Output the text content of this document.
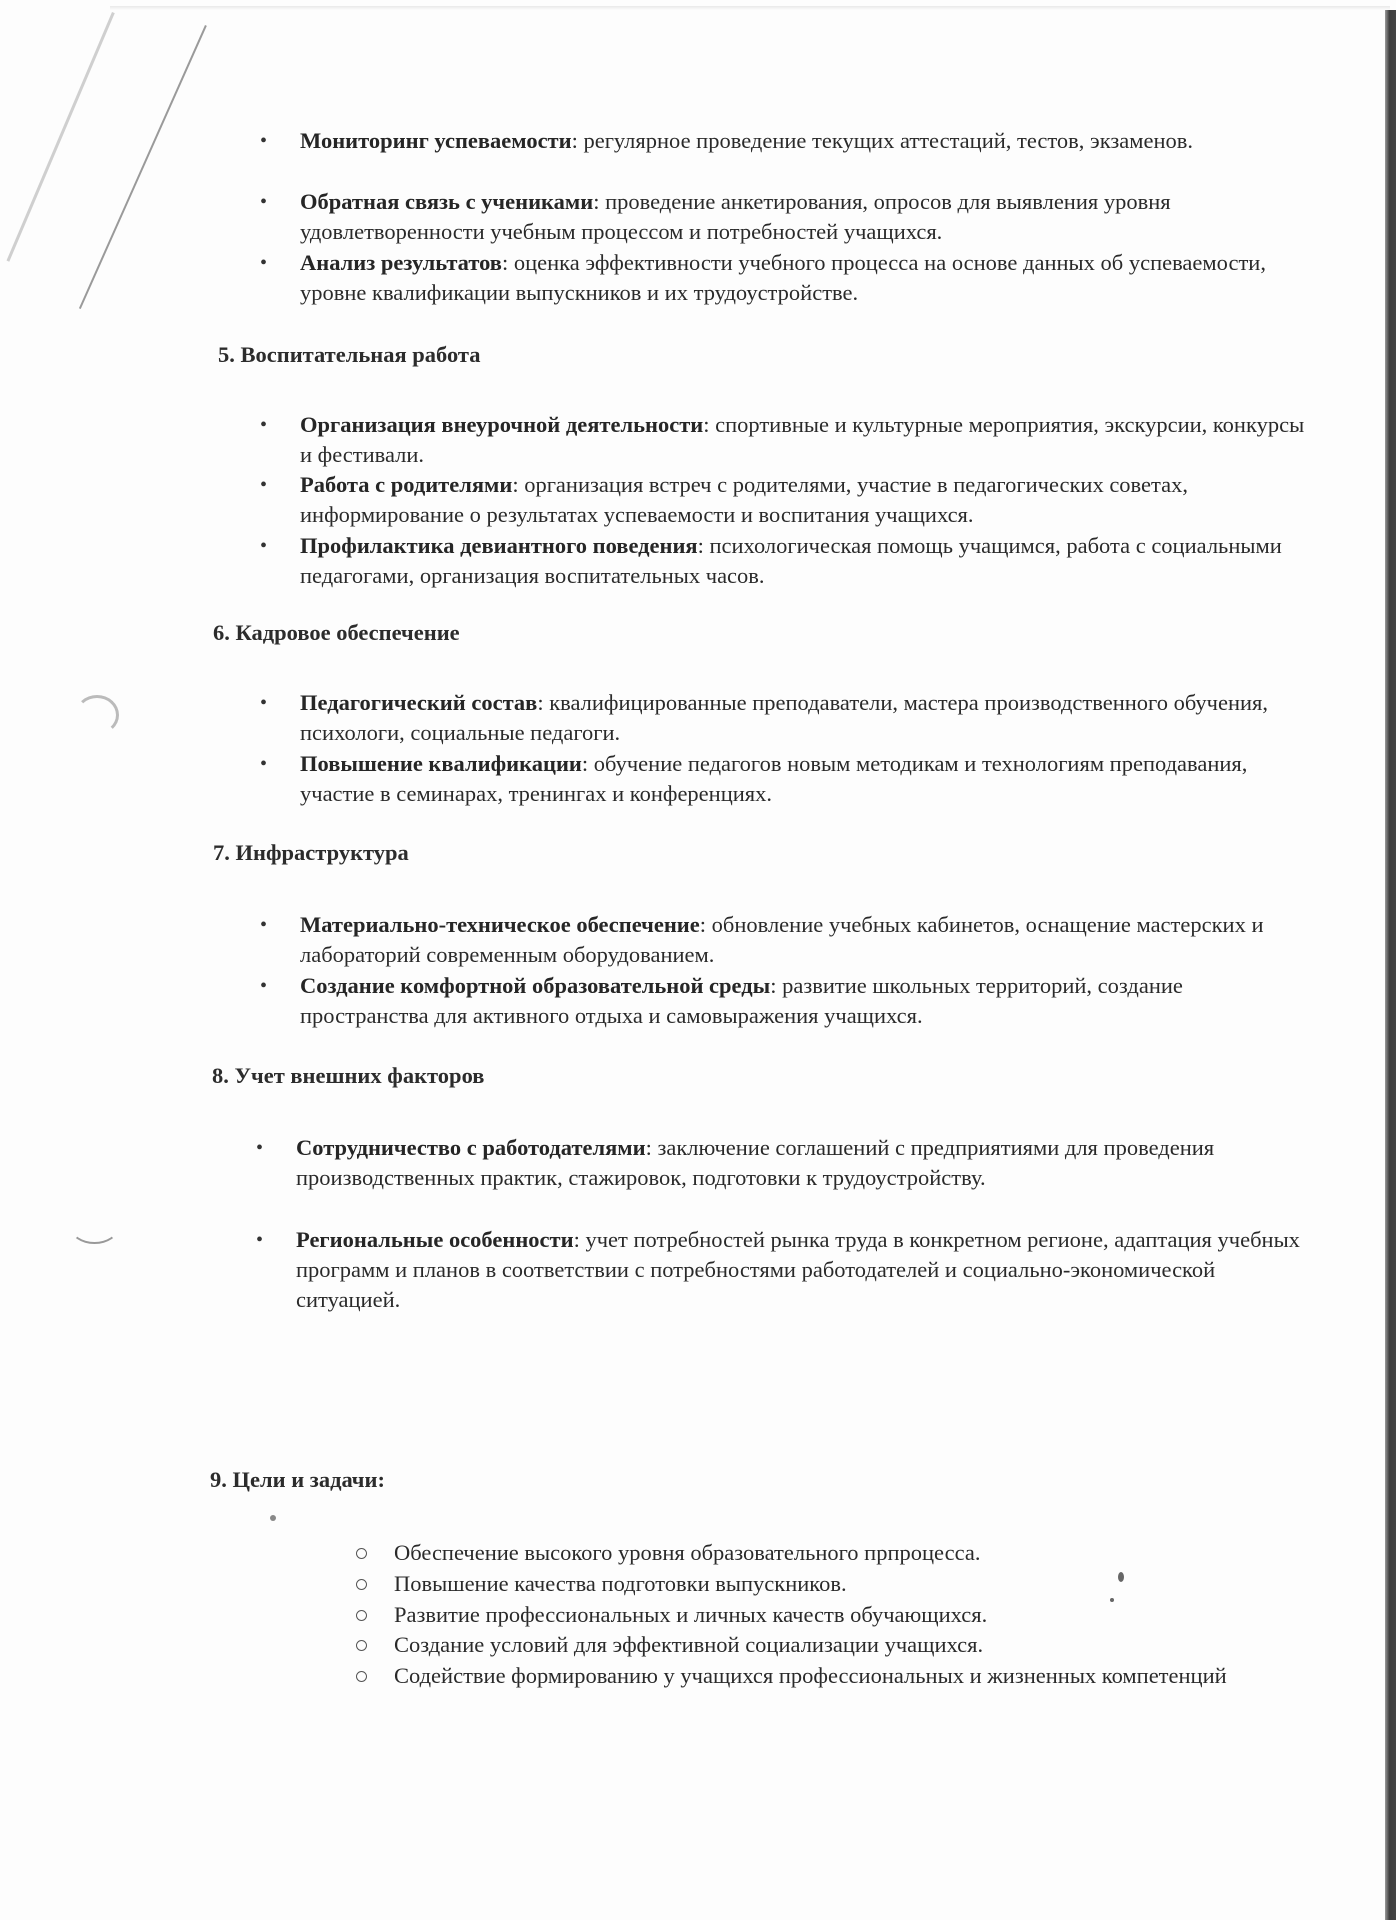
• Мониторинг успеваемости: регулярное проведение текущих аттестаций, тестов, экзаменов.
• Обратная связь с учениками: проведение анкетирования, опросов для выявления уровня удовлетворенности учебным процессом и потребностей учащихся.
• Анализ результатов: оценка эффективности учебного процесса на основе данных об успеваемости, уровне квалификации выпускников и их трудоустройстве.
5. Воспитательная работа
• Организация внеурочной деятельности: спортивные и культурные мероприятия, экскурсии, конкурсы и фестивали.
• Работа с родителями: организация встреч с родителями, участие в педагогических советах, информирование о результатах успеваемости и воспитания учащихся.
• Профилактика девиантного поведения: психологическая помощь учащимся, работа с социальными педагогами, организация воспитательных часов.
6. Кадровое обеспечение
• Педагогический состав: квалифицированные преподаватели, мастера производственного обучения, психологи, социальные педагоги.
• Повышение квалификации: обучение педагогов новым методикам и технологиям преподавания, участие в семинарах, тренингах и конференциях.
7. Инфраструктура
• Материально-техническое обеспечение: обновление учебных кабинетов, оснащение мастерских и лабораторий современным оборудованием.
• Создание комфортной образовательной среды: развитие школьных территорий, создание пространства для активного отдыха и самовыражения учащихся.
8. Учет внешних факторов
• Сотрудничество с работодателями: заключение соглашений с предприятиями для проведения производственных практик, стажировок, подготовки к трудоустройству.
• Региональные особенности: учет потребностей рынка труда в конкретном регионе, адаптация учебных программ и планов в соответствии с потребностями работодателей и социально-экономической ситуацией.
9. Цели и задачи:
Обеспечение высокого уровня образовательного прпроцесса.
Повышение качества подготовки выпускников.
Развитие профессиональных и личных качеств обучающихся.
Создание условий для эффективной социализации учащихся.
Содействие формированию у учащихся профессиональных и жизненных компетенций
